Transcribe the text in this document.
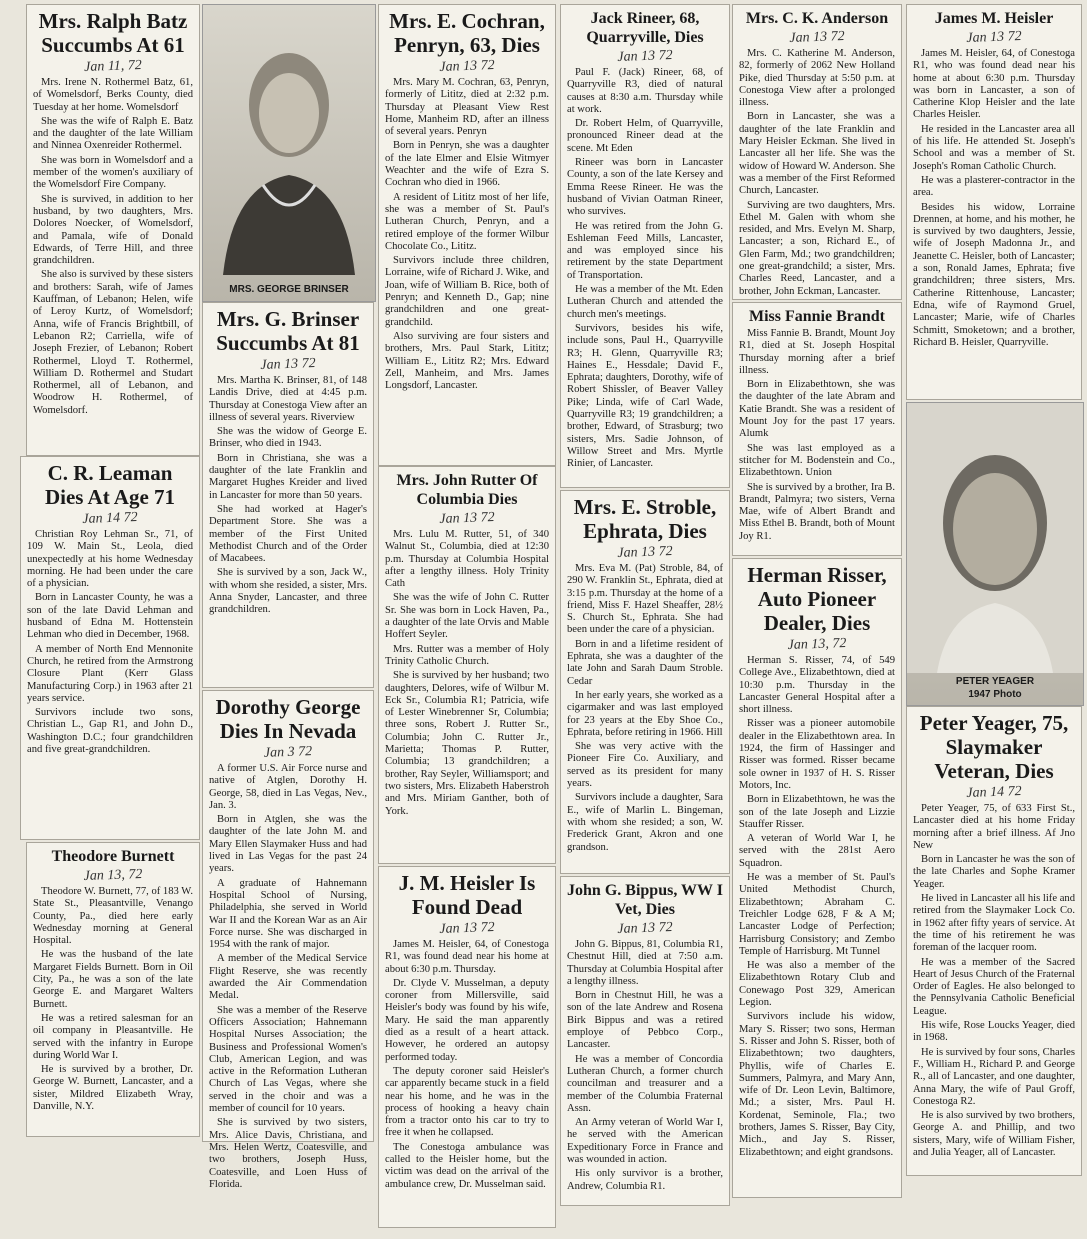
Mrs. Ralph Batz Succumbs At 61
Jan 11, 72

Mrs. Irene N. Rothermel Batz, 61, of Womelsdorf, Berks County, died Tuesday at her home. Womelsdorf

She was the wife of Ralph E. Batz and the daughter of the late William and Ninnea Oxenreider Rothermel.

She was born in Womelsdorf and a member of the women's auxiliary of the Womelsdorf Fire Company.

She is survived, in addition to her husband, by two daughters, Mrs. Dolores Noecker, of Womelsdorf, and Pamala, wife of Donald Edwards, of Terre Hill, and three grandchildren.

She also is survived by these sisters and brothers: Sarah, wife of James Kauffman, of Lebanon; Helen, wife of Leroy Kurtz, of Womelsdorf; Anna, wife of Francis Brightbill, of Lebanon R2; Carriella, wife of Joseph Frezier, of Lebanon; Robert Rothermel, Lloyd T. Rothermel, William D. Rothermel and Studart Rothermel, all of Lebanon, and Woodrow H. Rothermel, of Womelsdorf.

C. R. Leaman Dies At Age 71
Jan 14 72

Christian Roy Lehman Sr., 71, of 109 W. Main St., Leola, died unexpectedly at his home Wednesday morning. He had been under the care of a physician.

Born in Lancaster County, he was a son of the late David Lehman and husband of Edna M. Hottenstein Lehman who died in December, 1968.

A member of North End Mennonite Church, he retired from the Armstrong Closure Plant (Kerr Glass Manufacturing Corp.) in 1963 after 21 years service.

Survivors include two sons, Christian L., Gap R1, and John D., Washington D.C.; four grandchildren and five great-grandchildren.

Theodore Burnett
Jan 13, 72

Theodore W. Burnett, 77, of 183 W. State St., Pleasantville, Venango County, Pa., died here early Wednesday morning at General Hospital.

He was the husband of the late Margaret Fields Burnett. Born in Oil City, Pa., he was a son of the late George E. and Margaret Walters Burnett.

He was a retired salesman for an oil company in Pleasantville. He served with the infantry in Europe during World War I.

He is survived by a brother, Dr. George W. Burnett, Lancaster, and a sister, Mildred Elizabeth Wray, Danville, N.Y.

MRS. GEORGE BRINSER
Mrs. G. Brinser Succumbs At 81
Jan 13 72

Mrs. Martha K. Brinser, 81, of 148 Landis Drive, died at 4:45 p.m. Thursday at Conestoga View after an illness of several years. Riverview

She was the widow of George E. Brinser, who died in 1943.

Born in Christiana, she was a daughter of the late Franklin and Margaret Hughes Kreider and lived in Lancaster for more than 50 years.

She had worked at Hager's Department Store. She was a member of the First United Methodist Church and of the Order of Macabees.

She is survived by a son, Jack W., with whom she resided, a sister, Mrs. Anna Snyder, Lancaster, and three grandchildren.

Dorothy George Dies In Nevada
Jan 3 72

A former U.S. Air Force nurse and native of Atglen, Dorothy H. George, 58, died in Las Vegas, Nev., Jan. 3.

Born in Atglen, she was the daughter of the late John M. and Mary Ellen Slaymaker Huss and had lived in Las Vegas for the past 24 years.

A graduate of Hahnemann Hospital School of Nursing, Philadelphia, she served in World War II and the Korean War as an Air Force nurse. She was discharged in 1954 with the rank of major.

A member of the Medical Service Flight Reserve, she was recently awarded the Air Commendation Medal.

She was a member of the Reserve Officers Association; Hahnemann Hospital Nurses Association; the Business and Professional Women's Club, American Legion, and was active in the Reformation Lutheran Church of Las Vegas, where she served in the choir and was a member of council for 10 years.

She is survived by two sisters, Mrs. Alice Davis, Christiana, and Mrs. Helen Wertz, Coatesville, and two brothers, Joseph Huss, Coatesville, and Loen Huss of Florida.

Mrs. E. Cochran, Penryn, 63, Dies
Jan 13 72

Mrs. Mary M. Cochran, 63, Penryn, formerly of Lititz, died at 2:32 p.m. Thursday at Pleasant View Rest Home, Manheim RD, after an illness of several years. Penryn

Born in Penryn, she was a daughter of the late Elmer and Elsie Witmyer Weachter and the wife of Ezra S. Cochran who died in 1966.

A resident of Lititz most of her life, she was a member of St. Paul's Lutheran Church, Penryn, and a retired employe of the former Wilbur Chocolate Co., Lititz.

Survivors include three children, Lorraine, wife of Richard J. Wike, and Joan, wife of William B. Rice, both of Penryn; and Kenneth D., Gap; nine grandchildren and one great-grandchild.

Also surviving are four sisters and brothers, Mrs. Paul Stark, Lititz; William E., Lititz R2; Mrs. Edward Zell, Manheim, and Mrs. James Longsdorf, Lancaster.

Mrs. John Rutter Of Columbia Dies
Jan 13 72

Mrs. Lulu M. Rutter, 51, of 340 Walnut St., Columbia, died at 12:30 p.m. Thursday at Columbia Hospital after a lengthy illness. Holy Trinity Cath

She was the wife of John C. Rutter Sr. She was born in Lock Haven, Pa., a daughter of the late Orvis and Mable Hoffert Seyler.

Mrs. Rutter was a member of Holy Trinity Catholic Church.

She is survived by her husband; two daughters, Delores, wife of Wilbur M. Eck Sr., Columbia R1; Patricia, wife of Lester Winebrenner Sr, Columbia; three sons, Robert J. Rutter Sr., Columbia; John C. Rutter Jr., Marietta; Thomas P. Rutter, Columbia; 13 grandchildren; a brother, Ray Seyler, Williamsport; and two sisters, Mrs. Elizabeth Haberstroh and Mrs. Miriam Ganther, both of York.

J. M. Heisler Is Found Dead
Jan 13 72

James M. Heisler, 64, of Conestoga R1, was found dead near his home at about 6:30 p.m. Thursday.

Dr. Clyde V. Musselman, a deputy coroner from Millersville, said Heisler's body was found by his wife, Mary. He said the man apparently died as a result of a heart attack. However, he ordered an autopsy performed today.

The deputy coroner said Heisler's car apparently became stuck in a field near his home, and he was in the process of hooking a heavy chain from a tractor onto his car to try to free it when he collapsed.

The Conestoga ambulance was called to the Heisler home, but the victim was dead on the arrival of the ambulance crew, Dr. Musselman said.

Jack Rineer, 68, Quarryville, Dies
Jan 13 72

Paul F. (Jack) Rineer, 68, of Quarryville R3, died of natural causes at 8:30 a.m. Thursday while at work.

Dr. Robert Helm, of Quarryville, pronounced Rineer dead at the scene. Mt Eden

Rineer was born in Lancaster County, a son of the late Kersey and Emma Reese Rineer. He was the husband of Vivian Oatman Rineer, who survives.

He was retired from the John G. Eshleman Feed Mills, Lancaster, and was employed since his retirement by the state Department of Transportation.

He was a member of the Mt. Eden Lutheran Church and attended the church men's meetings.

Survivors, besides his wife, include sons, Paul H., Quarryville R3; H. Glenn, Quarryville R3; Haines E., Hessdale; David F., Ephrata; daughters, Dorothy, wife of Robert Shissler, of Beaver Valley Pike; Linda, wife of Carl Wade, Quarryville R3; 19 grandchildren; a brother, Edward, of Strasburg; two sisters, Mrs. Sadie Johnson, of Willow Street and Mrs. Myrtle Rinier, of Lancaster.

Mrs. E. Stroble, Ephrata, Dies
Jan 13 72

Mrs. Eva M. (Pat) Stroble, 84, of 290 W. Franklin St., Ephrata, died at 3:15 p.m. Thursday at the home of a friend, Miss F. Hazel Sheaffer, 28½ S. Church St., Ephrata. She had been under the care of a physician.

Born in and a lifetime resident of Ephrata, she was a daughter of the late John and Sarah Daum Stroble. Cedar

In her early years, she worked as a cigarmaker and was last employed for 23 years at the Eby Shoe Co., Ephrata, before retiring in 1966. Hill

She was very active with the Pioneer Fire Co. Auxiliary, and served as its president for many years.

Survivors include a daughter, Sara E., wife of Marlin L. Bingeman, with whom she resided; a son, W. Frederick Grant, Akron and one grandson.

John G. Bippus, WW I Vet, Dies
Jan 13 72

John G. Bippus, 81, Columbia R1, Chestnut Hill, died at 7:50 a.m. Thursday at Columbia Hospital after a lengthy illness.

Born in Chestnut Hill, he was a son of the late Andrew and Rosena Birk Bippus and was a retired employe of Pebbco Corp., Lancaster.

He was a member of Concordia Lutheran Church, a former church councilman and treasurer and a member of the Columbia Fraternal Assn.

An Army veteran of World War I, he served with the American Expeditionary Force in France and was wounded in action.

His only survivor is a brother, Andrew, Columbia R1.

Mrs. C. K. Anderson
Jan 13 72

Mrs. C. Katherine M. Anderson, 82, formerly of 2062 New Holland Pike, died Thursday at 5:50 p.m. at Conestoga View after a prolonged illness.

Born in Lancaster, she was a daughter of the late Franklin and Mary Heisler Eckman. She lived in Lancaster all her life. She was the widow of Howard W. Anderson. She was a member of the First Reformed Church, Lancaster.

Surviving are two daughters, Mrs. Ethel M. Galen with whom she resided, and Mrs. Evelyn M. Sharp, Lancaster; a son, Richard E., of Glen Farm, Md.; two grandchildren; one great-grandchild; a sister, Mrs. Charles Reed, Lancaster, and a brother, John Eckman, Lancaster.

Miss Fannie Brandt

Miss Fannie B. Brandt, Mount Joy R1, died at St. Joseph Hospital Thursday morning after a brief illness.

Born in Elizabethtown, she was the daughter of the late Abram and Katie Brandt. She was a resident of Mount Joy for the past 17 years. Alumk

She was last employed as a stitcher for M. Bodenstein and Co., Elizabethtown. Union

She is survived by a brother, Ira B. Brandt, Palmyra; two sisters, Verna Mae, wife of Albert Brandt and Miss Ethel B. Brandt, both of Mount Joy R1.

Herman Risser, Auto Pioneer Dealer, Dies
Jan 13, 72

Herman S. Risser, 74, of 549 College Ave., Elizabethtown, died at 10:30 p.m. Thursday in the Lancaster General Hospital after a short illness.

Risser was a pioneer automobile dealer in the Elizabethtown area. In 1924, the firm of Hassinger and Risser was formed. Risser became sole owner in 1937 of H. S. Risser Motors, Inc.

Born in Elizabethtown, he was the son of the late Joseph and Lizzie Stauffer Risser.

A veteran of World War I, he served with the 281st Aero Squadron.

He was a member of St. Paul's United Methodist Church, Elizabethtown; Abraham C. Treichler Lodge 628, F & A M; Lancaster Lodge of Perfection; Harrisburg Consistory; and Zembo Temple of Harrisburg. Mt Tunnel

He was also a member of the Elizabethtown Rotary Club and Conewago Post 329, American Legion.

Survivors include his widow, Mary S. Risser; two sons, Herman S. Risser and John S. Risser, both of Elizabethtown; two daughters, Phyllis, wife of Charles E. Summers, Palmyra, and Mary Ann, wife of Dr. Leon Levin, Baltimore, Md.; a sister, Mrs. Paul H. Kordenat, Seminole, Fla.; two brothers, James S. Risser, Bay City, Mich., and Jay S. Risser, Elizabethtown; and eight grandsons.

James M. Heisler
Jan 13 72

James M. Heisler, 64, of Conestoga R1, who was found dead near his home at about 6:30 p.m. Thursday was born in Lancaster, a son of Catherine Klop Heisler and the late Charles Heisler.

He resided in the Lancaster area all of his life. He attended St. Joseph's School and was a member of St. Joseph's Roman Catholic Church.

He was a plasterer-contractor in the area.

Besides his widow, Lorraine Drennen, at home, and his mother, he is survived by two daughters, Jessie, wife of Joseph Madonna Jr., and Jeanette C. Heisler, both of Lancaster; a son, Ronald James, Ephrata; five grandchildren; three sisters, Mrs. Catherine Rittenhouse, Lancaster; Edna, wife of Raymond Gruel, Lancaster; Marie, wife of Charles Schmitt, Smoketown; and a brother, Richard B. Heisler, Quarryville.

PETER YEAGER
1947 Photo
Peter Yeager, 75, Slaymaker Veteran, Dies
Jan 14 72

Peter Yeager, 75, of 633 First St., Lancaster died at his home Friday morning after a brief illness. Af Jno New

Born in Lancaster he was the son of the late Charles and Sophe Kramer Yeager.

He lived in Lancaster all his life and retired from the Slaymaker Lock Co. in 1962 after fifty years of service. At the time of his retirement he was foreman of the lacquer room.

He was a member of the Sacred Heart of Jesus Church of the Fraternal Order of Eagles. He also belonged to the Pennsylvania Catholic Beneficial League.

His wife, Rose Loucks Yeager, died in 1968.

He is survived by four sons, Charles F., William H., Richard P. and George R., all of Lancaster, and one daughter, Anna Mary, the wife of Paul Groff, Conestoga R2.

He is also survived by two brothers, George A. and Phillip, and two sisters, Mary, wife of William Fisher, and Julia Yeager, all of Lancaster.
